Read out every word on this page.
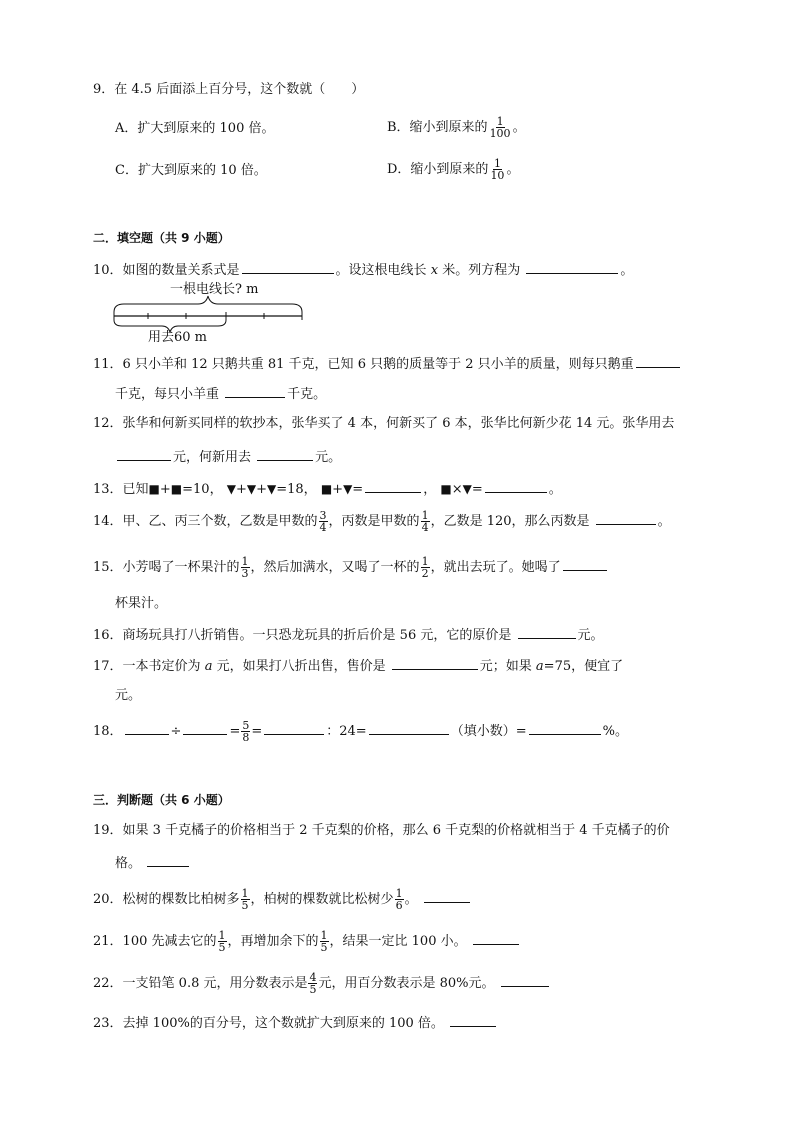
9．在 4.5 后面添上百分号，这个数就（　　）
A．扩大到原来的 100 倍。	B．缩小到原来的 $\frac{1}{100}$ 。
C．扩大到原来的 10 倍。	D．缩小到原来的 $\frac{1}{10}$ 。
二．填空题（共 9 小题）
10．如图的数量关系式是	。设这根电线长 x 米。列方程为	。
一根电线长? m
用去60 m
11．6 只小羊和 12 只鹅共重 81 千克，已知 6 只鹅的质量等于 2 只小羊的质量，则每只鹅重
千克，每只小羊重	千克。
12．张华和何新买同样的软抄本，张华买了 4 本，何新买了 6 本，张华比何新少花 14 元。张华用去
元，何新用去	元。
13．已知■+■=10， ▼+▼+▼=18， ■+▼=	， ■×▼=	。
14．甲、乙、丙三个数，乙数是甲数的 $\frac{3}{4}$ ，丙数是甲数的 $\frac{1}{4}$ ，乙数是 120，那么丙数是	。
15．小芳喝了一杯果汁的 $\frac{1}{3}$ ，然后加满水，又喝了一杯的 $\frac{1}{2}$ ，就出去玩了。她喝了
杯果汁。
16．商场玩具打八折销售。一只恐龙玩具的折后价是 56 元，它的原价是	元。
17．一本书定价为 a 元，如果打八折出售，售价是	元；如果 a=75，便宜了
元。
18．	÷	= $\frac{5}{8}$ =	：24=	（填小数）=	%。
三．判断题（共 6 小题）
19．如果 3 千克橘子的价格相当于 2 千克梨的价格，那么 6 千克梨的价格就相当于 4 千克橘子的价
格。
20．松树的棵数比柏树多 $\frac{1}{5}$ ，柏树的棵数就比松树少 $\frac{1}{6}$ 。
21．100 先减去它的 $\frac{1}{5}$ ，再增加余下的 $\frac{1}{5}$ ，结果一定比 100 小。
22．一支铅笔 0.8 元，用分数表示是 $\frac{4}{5}$ 元，用百分数表示是 80%元。
23．去掉 100%的百分号，这个数就扩大到原来的 100 倍。
